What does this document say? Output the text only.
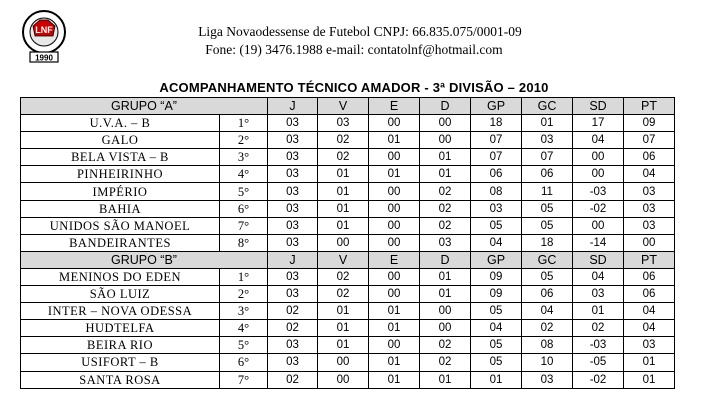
LNF
1990
Liga Novaodessense de Futebol CNPJ: 66.835.075/0001-09
Fone: (19) 3476.1988 e-mail: contatolnf@hotmail.com
ACOMPANHAMENTO TÉCNICO AMADOR - 3ª DIVISÃO – 2010
GRUPO “A”		J	V	E	D	GP	GC	SD	PT
U.V.A. – B	1°	03	03	00	00	18	01	17	09
GALO	2°	03	02	01	00	07	03	04	07
BELA VISTA – B	3°	03	02	00	01	07	07	00	06
PINHEIRINHO	4°	03	01	01	01	06	06	00	04
IMPÉRIO	5°	03	01	00	02	08	11	-03	03
BAHIA	6°	03	01	00	02	03	05	-02	03
UNIDOS SÃO MANOEL	7°	03	01	00	02	05	05	00	03
BANDEIRANTES	8°	03	00	00	03	04	18	-14	00
GRUPO “B”		J	V	E	D	GP	GC	SD	PT
MENINOS DO EDEN	1°	03	02	00	01	09	05	04	06
SÃO LUIZ	2°	03	02	00	01	09	06	03	06
INTER – NOVA ODESSA	3°	02	01	01	00	05	04	01	04
HUDTELFA	4°	02	01	01	00	04	02	02	04
BEIRA RIO	5°	03	01	00	02	05	08	-03	03
USIFORT – B	6°	03	00	01	02	05	10	-05	01
SANTA ROSA	7°	02	00	01	01	01	03	-02	01
